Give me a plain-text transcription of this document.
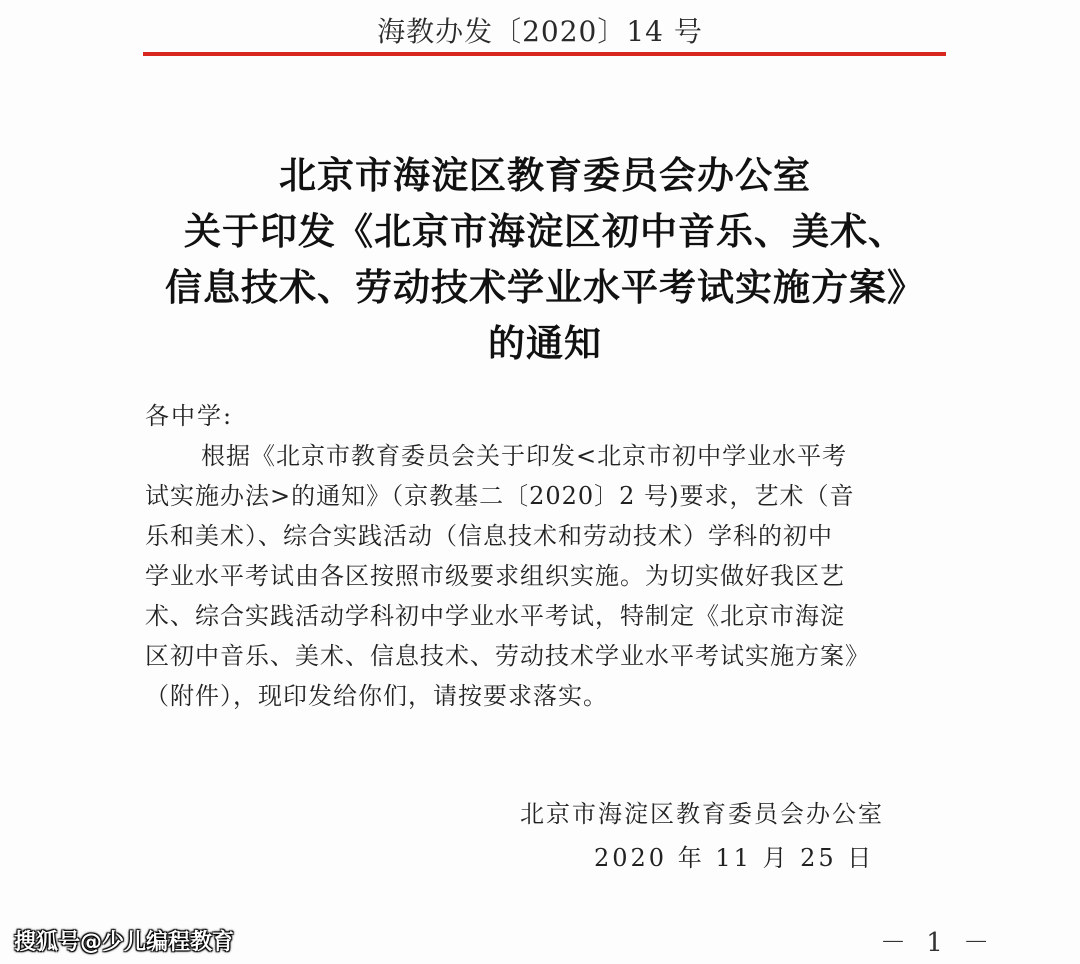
海教办发〔2020〕14 号
北京市海淀区教育委员会办公室
关于印发《北京市海淀区初中音乐、美术、
信息技术、劳动技术学业水平考试实施方案》
的通知
各中学:
根据《北京市教育委员会关于印发<北京市初中学业水平考
试实施办法>的通知》（京教基二〔2020〕2 号)要求，艺术（音
乐和美术）、综合实践活动（信息技术和劳动技术）学科的初中
学业水平考试由各区按照市级要求组织实施。为切实做好我区艺
术、综合实践活动学科初中学业水平考试，特制定《北京市海淀
区初中音乐、美术、信息技术、劳动技术学业水平考试实施方案》
（附件），现印发给你们，请按要求落实。
北京市海淀区教育委员会办公室
2020 年 11 月 25 日
－ 1 －
搜狐号@少儿编程教育
